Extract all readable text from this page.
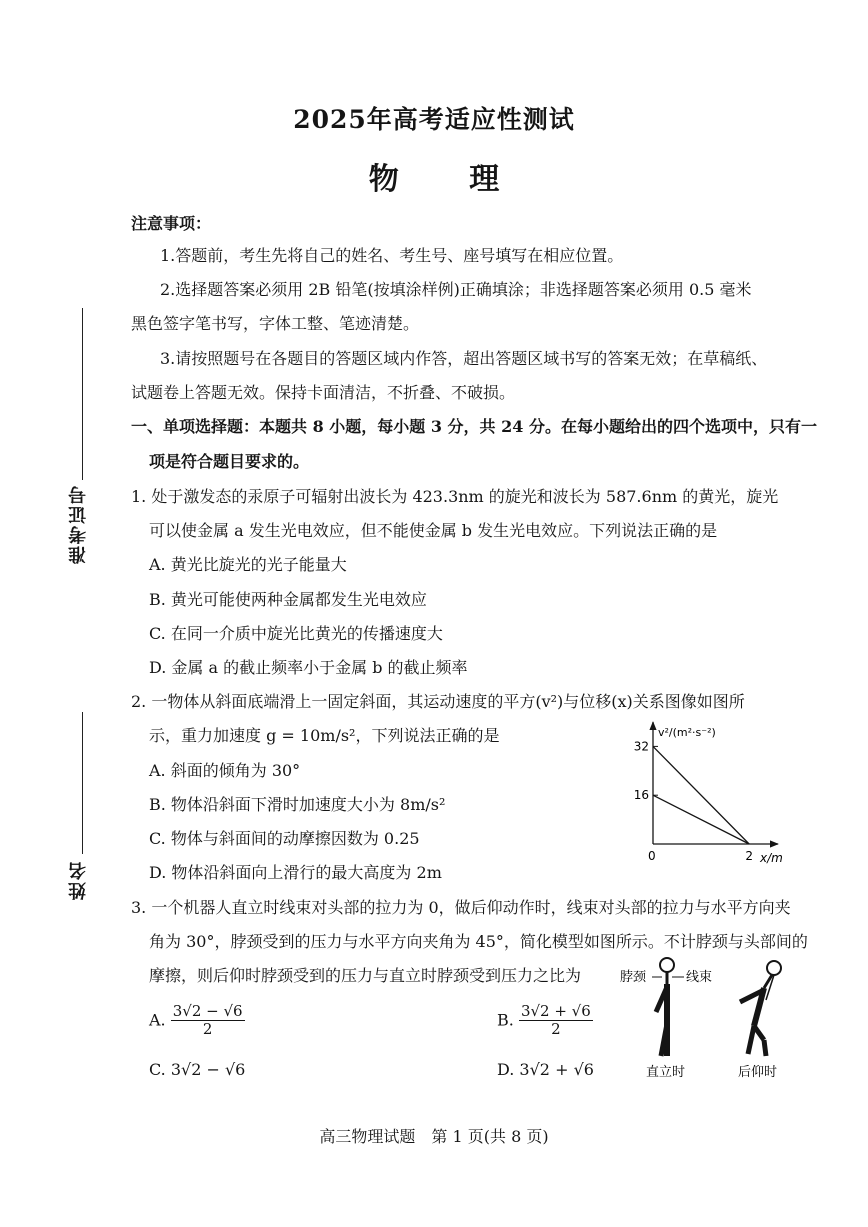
2025年高考适应性测试
物 理
准考证号
姓名
注意事项：
1.答题前，考生先将自己的姓名、考生号、座号填写在相应位置。
2.选择题答案必须用 2B 铅笔(按填涂样例)正确填涂；非选择题答案必须用 0.5 毫米
黑色签字笔书写，字体工整、笔迹清楚。
3.请按照题号在各题目的答题区域内作答，超出答题区域书写的答案无效；在草稿纸、
试题卷上答题无效。保持卡面清洁，不折叠、不破损。
一、单项选择题：本题共 8 小题，每小题 3 分，共 24 分。在每小题给出的四个选项中，只有一
项是符合题目要求的。
1. 处于激发态的汞原子可辐射出波长为 423.3nm 的旋光和波长为 587.6nm 的黄光，旋光
可以使金属 a 发生光电效应，但不能使金属 b 发生光电效应。下列说法正确的是
A. 黄光比旋光的光子能量大
B. 黄光可能使两种金属都发生光电效应
C. 在同一介质中旋光比黄光的传播速度大
D. 金属 a 的截止频率小于金属 b 的截止频率
2. 一物体从斜面底端滑上一固定斜面，其运动速度的平方(v²)与位移(x)关系图像如图所
示，重力加速度 g = 10m/s²，下列说法正确的是
A. 斜面的倾角为 30°
B. 物体沿斜面下滑时加速度大小为 8m/s²
C. 物体与斜面间的动摩擦因数为 0.25
D. 物体沿斜面向上滑行的最大高度为 2m
16
32
2
v²/(m²·s⁻²)
x/m
0
3. 一个机器人直立时线束对头部的拉力为 0，做后仰动作时，线束对头部的拉力与水平方向夹
角为 30°，脖颈受到的压力与水平方向夹角为 45°，简化模型如图所示。不计脖颈与头部间的
摩擦，则后仰时脖颈受到的压力与直立时脖颈受到压力之比为
A. $\frac{3√2 - √6}{2}$	B. $\frac{3√2 + √6}{2}$
C. 3√2 − √6	D. 3√2 + √6
脖颈	线束
直立时	后仰时
高三物理试题　第 1 页(共 8 页)
